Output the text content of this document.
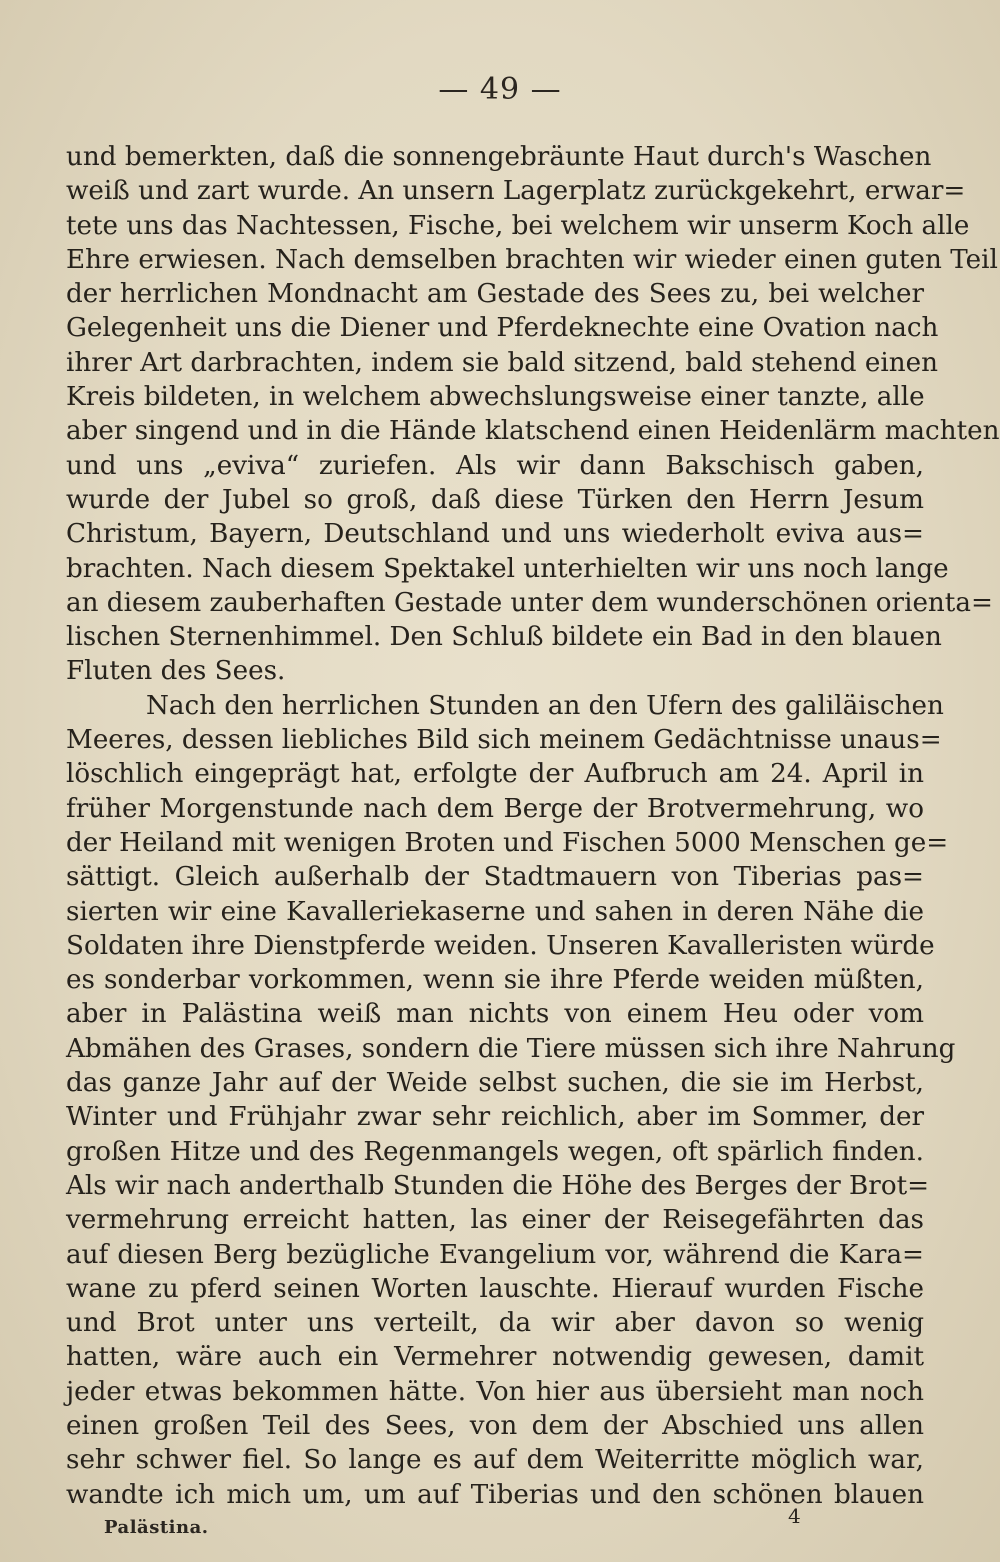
— 49 —
und bemerkten, daß die sonnengebräunte Haut durch's Waschen
weiß und zart wurde. An unsern Lagerplatz zurückgekehrt, erwar=
tete uns das Nachtessen, Fische, bei welchem wir unserm Koch alle
Ehre erwiesen. Nach demselben brachten wir wieder einen guten Teil
der herrlichen Mondnacht am Gestade des Sees zu, bei welcher
Gelegenheit uns die Diener und Pferdeknechte eine Ovation nach
ihrer Art darbrachten, indem sie bald sitzend, bald stehend einen
Kreis bildeten, in welchem abwechslungsweise einer tanzte, alle
aber singend und in die Hände klatschend einen Heidenlärm machten
und uns „eviva“ zuriefen. Als wir dann Bakschisch gaben,
wurde der Jubel so groß, daß diese Türken den Herrn Jesum
Christum, Bayern, Deutschland und uns wiederholt eviva aus=
brachten. Nach diesem Spektakel unterhielten wir uns noch lange
an diesem zauberhaften Gestade unter dem wunderschönen orienta=
lischen Sternenhimmel. Den Schluß bildete ein Bad in den blauen
Fluten des Sees.
Nach den herrlichen Stunden an den Ufern des galiläischen
Meeres, dessen liebliches Bild sich meinem Gedächtnisse unaus=
löschlich eingeprägt hat, erfolgte der Aufbruch am 24. April in
früher Morgenstunde nach dem Berge der Brotvermehrung, wo
der Heiland mit wenigen Broten und Fischen 5000 Menschen ge=
sättigt. Gleich außerhalb der Stadtmauern von Tiberias pas=
sierten wir eine Kavalleriekaserne und sahen in deren Nähe die
Soldaten ihre Dienstpferde weiden. Unseren Kavalleristen würde
es sonderbar vorkommen, wenn sie ihre Pferde weiden müßten,
aber in Palästina weiß man nichts von einem Heu oder vom
Abmähen des Grases, sondern die Tiere müssen sich ihre Nahrung
das ganze Jahr auf der Weide selbst suchen, die sie im Herbst,
Winter und Frühjahr zwar sehr reichlich, aber im Sommer, der
großen Hitze und des Regenmangels wegen, oft spärlich finden.
Als wir nach anderthalb Stunden die Höhe des Berges der Brot=
vermehrung erreicht hatten, las einer der Reisegefährten das
auf diesen Berg bezügliche Evangelium vor, während die Kara=
wane zu pferd seinen Worten lauschte. Hierauf wurden Fische
und Brot unter uns verteilt, da wir aber davon so wenig
hatten, wäre auch ein Vermehrer notwendig gewesen, damit
jeder etwas bekommen hätte. Von hier aus übersieht man noch
einen großen Teil des Sees, von dem der Abschied uns allen
sehr schwer fiel. So lange es auf dem Weiterritte möglich war,
wandte ich mich um, um auf Tiberias und den schönen blauen
Palästina.	4
